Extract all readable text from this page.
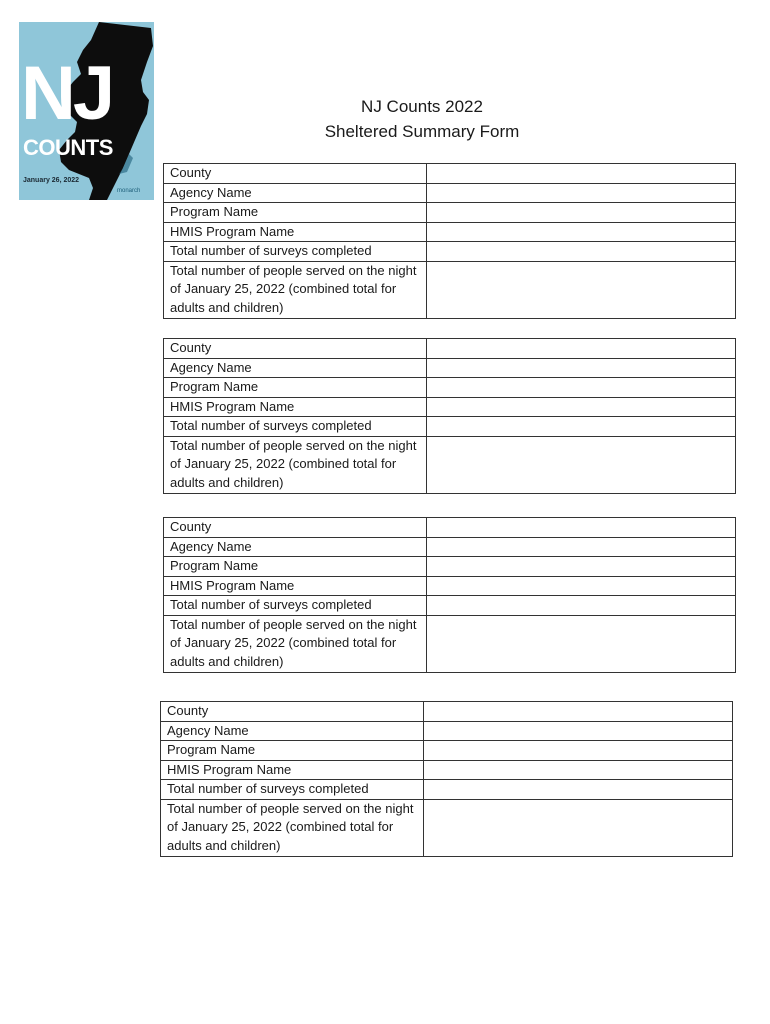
NJ
COUNTS
January 26, 2022
monarch
NJ Counts 2022
Sheltered Summary Form
County	
Agency Name	
Program Name	
HMIS Program Name	
Total number of surveys completed	
Total number of people served on the night of January 25, 2022 (combined total for adults and children)	
County	
Agency Name	
Program Name	
HMIS Program Name	
Total number of surveys completed	
Total number of people served on the night of January 25, 2022 (combined total for adults and children)	
County	
Agency Name	
Program Name	
HMIS Program Name	
Total number of surveys completed	
Total number of people served on the night of January 25, 2022 (combined total for adults and children)	
County	
Agency Name	
Program Name	
HMIS Program Name	
Total number of surveys completed	
Total number of people served on the night of January 25, 2022 (combined total for adults and children)	
